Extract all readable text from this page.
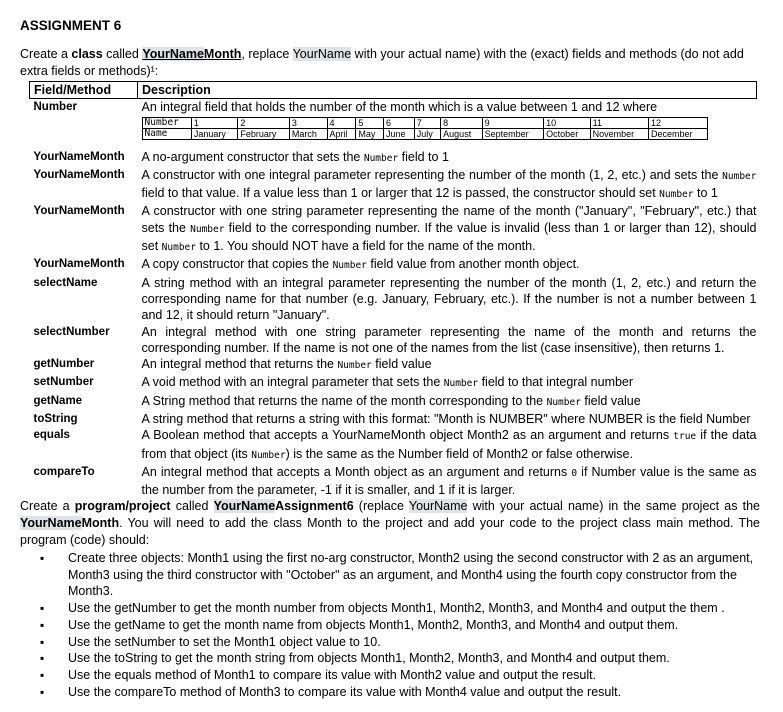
ASSIGNMENT 6
Create a class called YourNameMonth, replace YourName with your actual name) with the (exact) fields and methods (do not add extra fields or methods)¹:
Field/Method	Description
Number	An integral field that holds the number of the month which is a value between 1 and 12 where
Number	1	2	3	4	5	6	7	8	9	10	11	12
Name	January	February	March	April	May	June	July	August	September	October	November	December

YourNameMonth	A no-argument constructor that sets the Number field to 1
YourNameMonth	A constructor with one integral parameter representing the number of the month (1, 2, etc.) and sets the Number field to that value. If a value less than 1 or larger that 12 is passed, the constructor should set Number to 1
YourNameMonth	A constructor with one string parameter representing the name of the month ("January", "February", etc.) that sets the Number field to the corresponding number. If the value is invalid (less than 1 or larger than 12), should set Number to 1. You should NOT have a field for the name of the month.
YourNameMonth	A copy constructor that copies the Number field value from another month object.
selectName	A string method with an integral parameter representing the number of the month (1, 2, etc.) and return the corresponding name for that number (e.g. January, February, etc.). If the number is not a number between 1 and 12, it should return "January".
selectNumber	An integral method with one string parameter representing the name of the month and returns the corresponding number. If the name is not one of the names from the list (case insensitive), then returns 1.
getNumber	An integral method that returns the Number field value
setNumber	A void method with an integral parameter that sets the Number field to that integral number
getName	A String method that returns the name of the month corresponding to the Number field value
toString	A string method that returns a string with this format: "Month is NUMBER" where NUMBER is the field Number
equals	A Boolean method that accepts a YourNameMonth object Month2 as an argument and returns true if the data from that object (its Number) is the same as the Number field of Month2 or false otherwise.
compareTo	An integral method that accepts a Month object as an argument and returns 0 if Number value is the same as the number from the parameter, -1 if it is smaller, and 1 if it is larger.
Create a program/project called YourNameAssignment6 (replace YourName with your actual name) in the same project as the YourNameMonth. You will need to add the class Month to the project and add your code to the project class main method. The program (code) should:
▪ Create three objects: Month1 using the first no-arg constructor, Month2 using the second constructor with 2 as an argument, Month3 using the third constructor with "October" as an argument, and Month4 using the fourth copy constructor from the Month3.
▪ Use the getNumber to get the month number from objects Month1, Month2, Month3, and Month4 and output the them .
▪ Use the getName to get the month name from objects Month1, Month2, Month3, and Month4 and output them.
▪ Use the setNumber to set the Month1 object value to 10.
▪ Use the toString to get the month string from objects Month1, Month2, Month3, and Month4 and output them.
▪ Use the equals method of Month1 to compare its value with Month2 value and output the result.
▪ Use the compareTo method of Month3 to compare its value with Month4 value and output the result.
